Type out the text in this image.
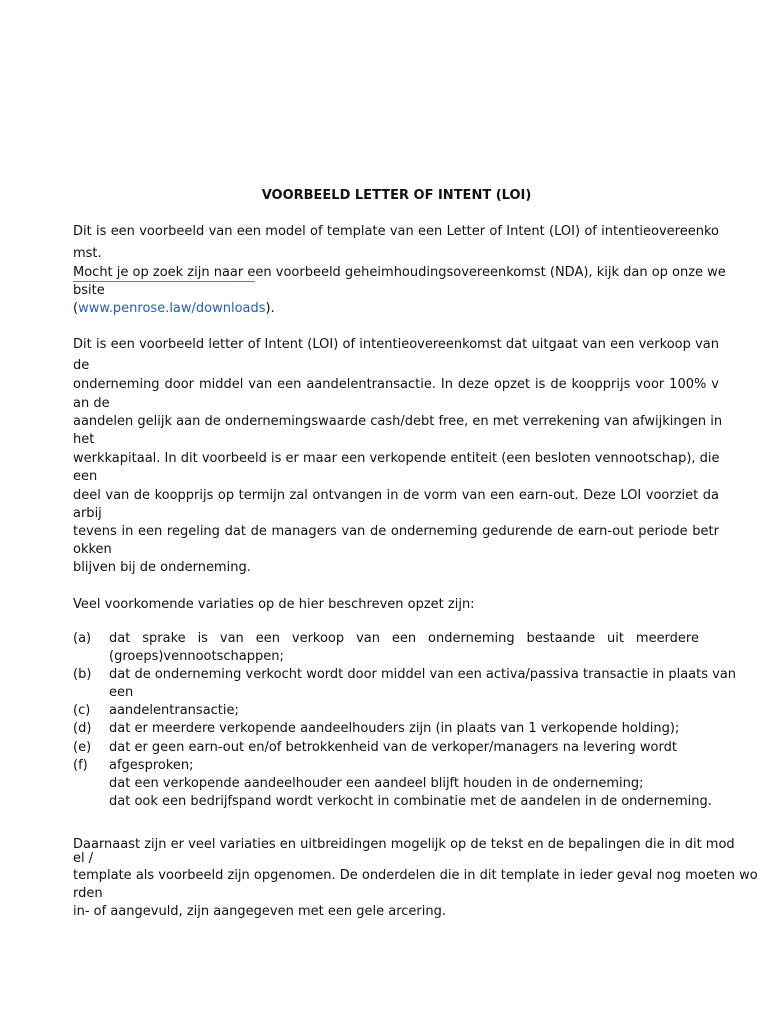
VOORBEELD LETTER OF INTENT (LOI)

Dit is een voorbeeld van een model of template van een Letter of Intent (LOI) of intentieovereenko

mst.

Mocht je op zoek zijn naar een voorbeeld geheimhoudingsovereenkomst (NDA), kijk dan op onze we

bsite

(www.penrose.law/downloads).

Dit is een voorbeeld letter of Intent (LOI) of intentieovereenkomst dat uitgaat van een verkoop van

de

onderneming door middel van een aandelentransactie. In deze opzet is de koopprijs voor 100% v

an de

aandelen gelijk aan de ondernemingswaarde cash/debt free, en met verrekening van afwijkingen in

het

werkkapitaal. In dit voorbeeld is er maar een verkopende entiteit (een besloten vennootschap), die

een

deel van de koopprijs op termijn zal ontvangen in de vorm van een earn-out. Deze LOI voorziet da

arbij

tevens in een regeling dat de managers van de onderneming gedurende de earn-out periode betr

okken

blijven bij de onderneming.

Veel voorkomende variaties op de hier beschreven opzet zijn:

(a)
(b)
(c)
(d)
(e)
(f)
dat sprake is van een verkoop van een onderneming bestaande uit meerdere
(groeps)vennootschappen;
dat de onderneming verkocht wordt door middel van een activa/passiva transactie in plaats van
een
aandelentransactie;
dat er meerdere verkopende aandeelhouders zijn (in plaats van 1 verkopende holding);
dat er geen earn-out en/of betrokkenheid van de verkoper/managers na levering wordt
afgesproken;
dat een verkopende aandeelhouder een aandeel blijft houden in de onderneming;
dat ook een bedrijfspand wordt verkocht in combinatie met de aandelen in de onderneming.

Daarnaast zijn er veel variaties en uitbreidingen mogelijk op de tekst en de bepalingen die in dit mod

el /

template als voorbeeld zijn opgenomen. De onderdelen die in dit template in ieder geval nog moeten wo

rden

in- of aangevuld, zijn aangegeven met een gele arcering.
